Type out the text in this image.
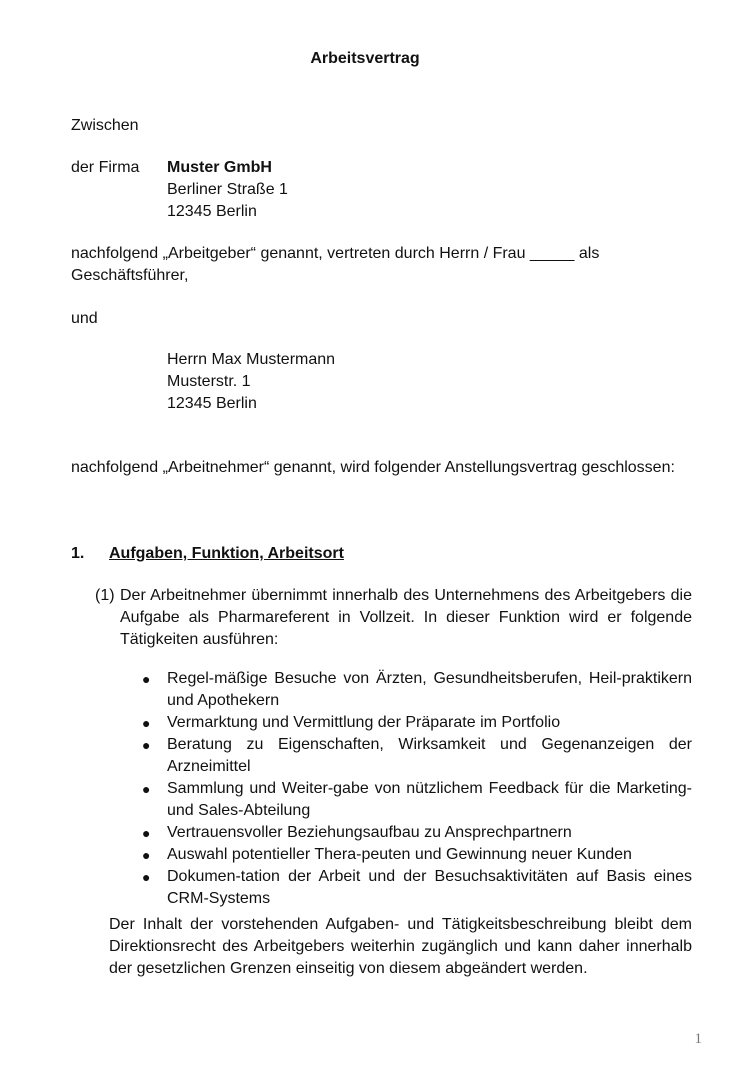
Arbeitsvertrag
Zwischen
der Firma Muster GmbH
Berliner Straße 1
12345 Berlin
nachfolgend „Arbeitgeber“ genannt, vertreten durch Herrn / Frau _____ als
Geschäftsführer,
und
Herrn Max Mustermann
Musterstr. 1
12345 Berlin
nachfolgend „Arbeitnehmer“ genannt, wird folgender Anstellungsvertrag geschlossen:
1. Aufgaben, Funktion, Arbeitsort
(1) Der Arbeitnehmer übernimmt innerhalb des Unternehmens des Arbeitgebers die Aufgabe als Pharmareferent in Vollzeit. In dieser Funktion wird er folgende Tätigkeiten ausführen:
● Regel-mäßige Besuche von Ärzten, Gesundheitsberufen, Heil-praktikern und Apothekern
● Vermarktung und Vermittlung der Präparate im Portfolio
● Beratung zu Eigenschaften, Wirksamkeit und Gegenanzeigen der Arzneimittel
● Sammlung und Weiter-gabe von nützlichem Feedback für die Marketing- und Sales-Abteilung
● Vertrauensvoller Beziehungsaufbau zu Ansprechpartnern
● Auswahl potentieller Thera-peuten und Gewinnung neuer Kunden
● Dokumen-tation der Arbeit und der Besuchsaktivitäten auf Basis eines CRM-Systems
Der Inhalt der vorstehenden Aufgaben- und Tätigkeitsbeschreibung bleibt dem Direktionsrecht des Arbeitgebers weiterhin zugänglich und kann daher innerhalb der gesetzlichen Grenzen einseitig von diesem abgeändert werden.
1
